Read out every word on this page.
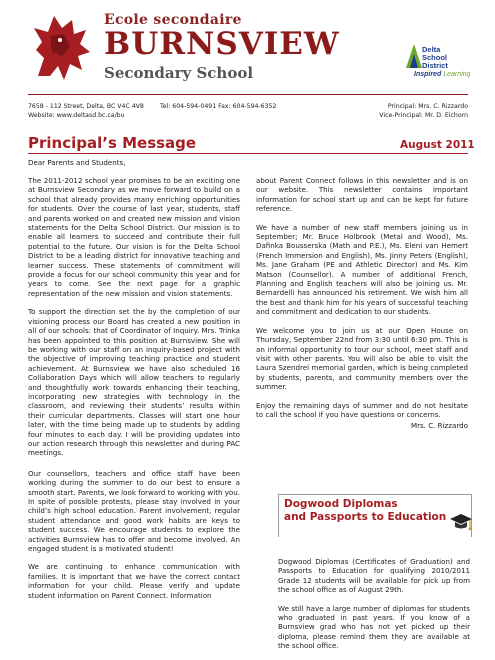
Ecole secondaire
BURNSVIEW
Secondary School
Delta
School
District
Inspired Learning
7658 - 112 Street, Delta, BC V4C 4V8	Tel: 604-594-0491 Fax: 604-594-6352
Website: www.deltasd.bc.ca/bu
Principal: Mrs. C. Rizzardo
Vice-Principal: Mr. D. Eichorn
Principal’s Message	August 2011
Dear Parents and Students,

The 2011-2012 school year promises to be an exciting one at Burnsview Secondary as we move forward to build on a school that already provides many enriching opportunities for students. Over the course of last year, students, staff and parents worked on and created new mission and vision statements for the Delta School District. Our mission is to enable all learners to succeed and contribute their full potential to the future. Our vision is for the Delta School District to be a leading district for innovative teaching and learner success. These statements of commitment will provide a focus for our school community this year and for years to come. See the next page for a graphic representation of the new mission and vision statements.

To support the direction set the by the completion of our visioning process our Board has created a new position in all of our schools: that of Coordinator of Inquiry. Mrs. Trinka has been appointed to this position at Burnsview. She will be working with our staff on an inquiry-based project with the objective of improving teaching practice and student achievement. At Burnsview we have also scheduled 16 Collaboration Days which will allow teachers to regularly and thoughtfully work towards enhancing their teaching, incorporating new strategies with technology in the classroom, and reviewing their students’ results within their curricular departments. Classes will start one hour later, with the time being made up to students by adding four minutes to each day. I will be providing updates into our action research through this newsletter and during PAC meetings.

Our counsellors, teachers and office staff have been working during the summer to do our best to ensure a smooth start. Parents, we look forward to working with you. In spite of possible protests, please stay involved in your child’s high school education. Parent involvement, regular student attendance and good work habits are keys to student success. We encourage students to explore the activities Burnsview has to offer and become involved. An engaged student is a motivated student!

We are continuing to enhance communication with families. It is important that we have the correct contact information for your child. Please verify and update student information on Parent Connect. Information

about Parent Connect follows in this newsletter and is on our website. This newsletter contains important information for school start up and can be kept for future reference.

We have a number of new staff members joining us in September; Mr. Bruce Holbrook (Metal and Wood), Ms. Dafinka Bousserska (Math and P.E.), Ms. Eleni van Hemert (French Immersion and English), Ms. Jinny Peters (English), Ms. Jane Graham (PE and Athletic Director) and Ms. Kim Matson (Counsellor). A number of additional French, Planning and English teachers will also be joining us. Mr. Bernardelli has announced his retirement. We wish him all the best and thank him for his years of successful teaching and commitment and dedication to our students.

We welcome you to join us at our Open House on Thursday, September 22nd from 3:30 until 6:30 pm. This is an informal opportunity to tour our school, meet staff and visit with other parents. You will also be able to visit the Laura Szendrei memorial garden, which is being completed by students, parents, and community members over the summer.

Enjoy the remaining days of summer and do not hesitate to call the school if you have questions or concerns.

Mrs. C. Rizzardo
Dogwood Diplomas
and Passports to Education

Dogwood Diplomas (Certificates of Graduation) and Passports to Education for qualifying 2010/2011 Grade 12 students will be available for pick up from the school office as of August 29th.

We still have a large number of diplomas for students who graduated in past years. If you know of a Burnsview grad who has not yet picked up their diploma, please remind them they are available at the school office.
